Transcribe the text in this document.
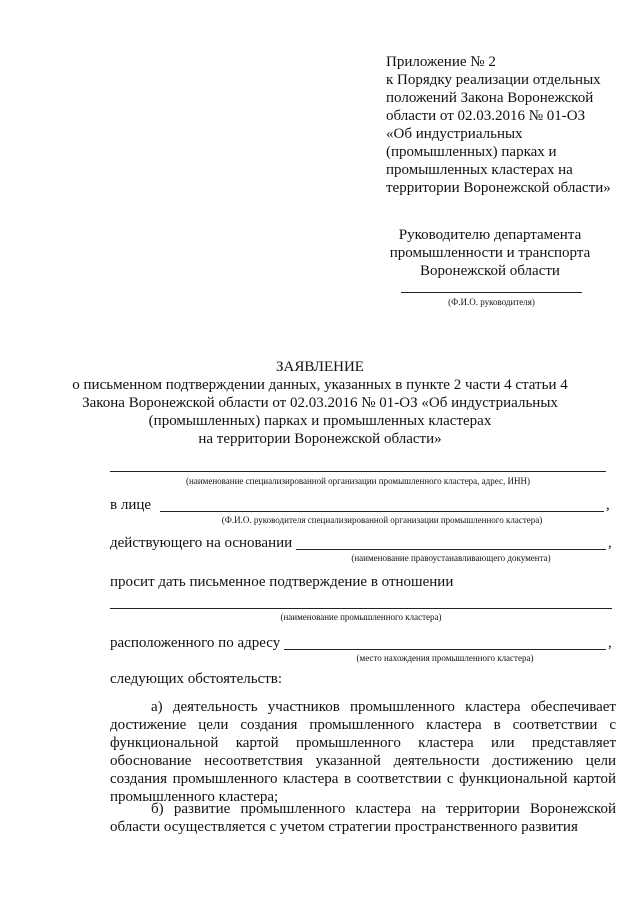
Приложение № 2
к Порядку реализации отдельных
положений Закона Воронежской
области от 02.03.2016 № 01-ОЗ
«Об индустриальных
(промышленных) парках и
промышленных кластерах на
территории Воронежской области»
Руководителю департамента
промышленности и транспорта
Воронежской области
(Ф.И.О. руководителя)
ЗАЯВЛЕНИЕ
о письменном подтверждении данных, указанных в пункте 2 части 4 статьи 4
Закона Воронежской области от 02.03.2016 № 01-ОЗ «Об индустриальных
(промышленных) парках и промышленных кластерах
на территории Воронежской области»
(наименование специализированной организации промышленного кластера, адрес, ИНН)
в лице	,
(Ф.И.О. руководителя специализированной организации промышленного кластера)
действующего на основании	,
(наименование правоустанавливающего документа)
просит дать письменное подтверждение в отношении
(наименование промышленного кластера)
расположенного по адресу	,
(место нахождения промышленного кластера)
следующих обстоятельств:
а) деятельность участников промышленного кластера обеспечивает достижение цели создания промышленного кластера в соответствии с функциональной картой промышленного кластера или представляет обоснование несоответствия указанной деятельности достижению цели создания промышленного кластера в соответствии с функциональной картой промышленного кластера;
б) развитие промышленного кластера на территории Воронежской области осуществляется с учетом стратегии пространственного развития
